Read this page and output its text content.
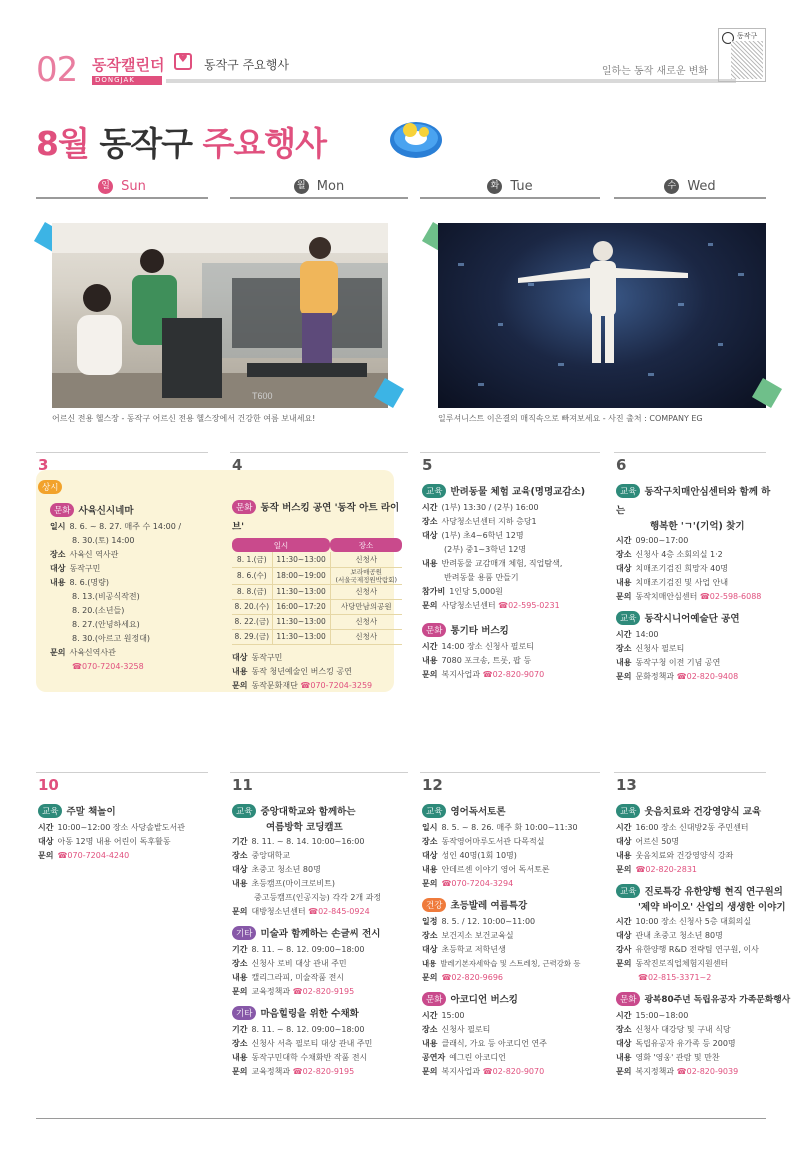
02 동작캘린더 ♥	동작구 주요행사
DONGJAK
일하는 동작 새로운 변화
동작구
8월 동작구 주요행사
일 Sun	월 Mon	화 Tue	수 Wed
T600
어르신 전용 헬스장 - 동작구 어르신 전용 헬스장에서 건강한 여름 보내세요!	일루셔니스트 이은결의 매직속으로 빠져보세요 - 사진 출처 : COMPANY EG
3
상시
문화 사육신시네마
일시 8. 6. ~ 8. 27. 매주 수 14:00 /
8. 30.(토) 14:00
장소 사육신 역사관
대상 동작구민
내용 8. 6.(명량)
8. 13.(비공식작전)
8. 20.(소년들)
8. 27.(안녕하세요)
8. 30.(아르고 원정대)
문의 사육신역사관
☎070-7204-3258
4
문화 동작 버스킹 공연 '동작 아트 라이브'
일시		장소
8. 1.(금)	11:30~13:00	신청사
8. 6.(수)	18:00~19:00	보라매공원
(서울국제정원박람회)
8. 8.(금)	11:30~13:00	신청사
8. 20.(수)	16:00~17:20	사당만남의공원
8. 22.(금)	11:30~13:00	신청사
8. 29.(금)	11:30~13:00	신청사
대상 동작구민
내용 동작 청년예술인 버스킹 공연
문의 동작문화재단 ☎070-7204-3259
5
교육 반려동물 체험 교육(명명교감소)
시간 (1부) 13:30 / (2부) 16:00
장소 사당청소년센터 지하 층당1
대상 (1부) 초4~6학년 12명
(2부) 중1~3학년 12명
내용 반려동물 교감매개 체험, 직업탐색,
반려동물 용품 만들기
참가비 1인당 5,000원
문의 사당청소년센터 ☎02-595-0231
문화 통기타 버스킹
시간 14:00 장소 신청사 필로티
내용 7080 포크송, 트롯, 팝 등
문의 복지사업과 ☎02-820-9070
6
교육 동작구치매안심센터와 함께 하는
행복한 'ㄱ'(기억) 찾기
시간 09:00~17:00
장소 신청사 4층 소회의실 1·2
대상 치매조기검진 희망자 40명
내용 치매조기검진 및 사업 안내
문의 동작치매안심센터 ☎02-598-6088
교육 동작시니어예술단 공연
시간 14:00
장소 신청사 필로티
내용 동작구청 이전 기념 공연
문의 문화정책과 ☎02-820-9408
10
교육 주말 책놀이
시간 10:00~12:00 장소 사당솔밭도서관
대상 아동 12명 내용 어린이 독후활동
문의 ☎070-7204-4240
11
교육 중앙대학교와 함께하는
여름방학 코딩캠프
기간 8. 11. ~ 8. 14. 10:00~16:00
장소 중앙대학교
대상 초중고 청소년 80명
내용 초등캠프(마이크로비트)
중고등캠프(인공지능) 각각 2개 과정
문의 대방청소년센터 ☎02-845-0924
기타 미술과 함께하는 손글씨 전시
기간 8. 11. ~ 8. 12. 09:00~18:00
장소 신청사 로비 대상 관내 주민
내용 캘리그라피, 미술작품 전시
문의 교육정책과 ☎02-820-9195
기타 마음힐링을 위한 수채화
기간 8. 11. ~ 8. 12. 09:00~18:00
장소 신청사 서측 필로티 대상 관내 주민
내용 동작구민대학 수채화반 작품 전시
문의 교육정책과 ☎02-820-9195
12
교육 영어독서토론
일시 8. 5. ~ 8. 26. 매주 화 10:00~11:30
장소 동작영어마루도서관 다목적실
대상 성인 40명(1회 10명)
내용 안데르센 이야기 영어 독서토론
문의 ☎070-7204-3294
건강 초등발레 여름특강
일정 8. 5. / 12. 10:00~11:00
장소 보건지소 보건교육실
대상 초등학교 저학년생
내용 발레기본자세학습 및 스트레칭, 근력강화 등
문의 ☎02-820-9696
문화 아코디언 버스킹
시간 15:00
장소 신청사 필로티
내용 클래식, 가요 등 아코디언 연주
공연자 예그린 아코디언
문의 복지사업과 ☎02-820-9070
13
교육 웃음치료와 건강영양식 교육
시간 16:00 장소 신대방2동 주민센터
대상 어르신 50명
내용 웃음치료와 건강영양식 강좌
문의 ☎02-820-2831
교육 진로특강 유한양행 현직 연구원의
'제약 바이오' 산업의 생생한 이야기
시간 10:00 장소 신청사 5층 대회의실
대상 관내 초중고 청소년 80명
강사 유한양행 R&D 전략팀 연구원, 이사
문의 동작진로직업체험지원센터
☎02-815-3371~2
문화 광복80주년 독립유공자 가족문화행사
시간 15:00~18:00
장소 신청사 대강당 및 구내 식당
대상 독립유공자 유가족 등 200명
내용 영화 '영웅' 관람 및 만찬
문의 복지정책과 ☎02-820-9039
